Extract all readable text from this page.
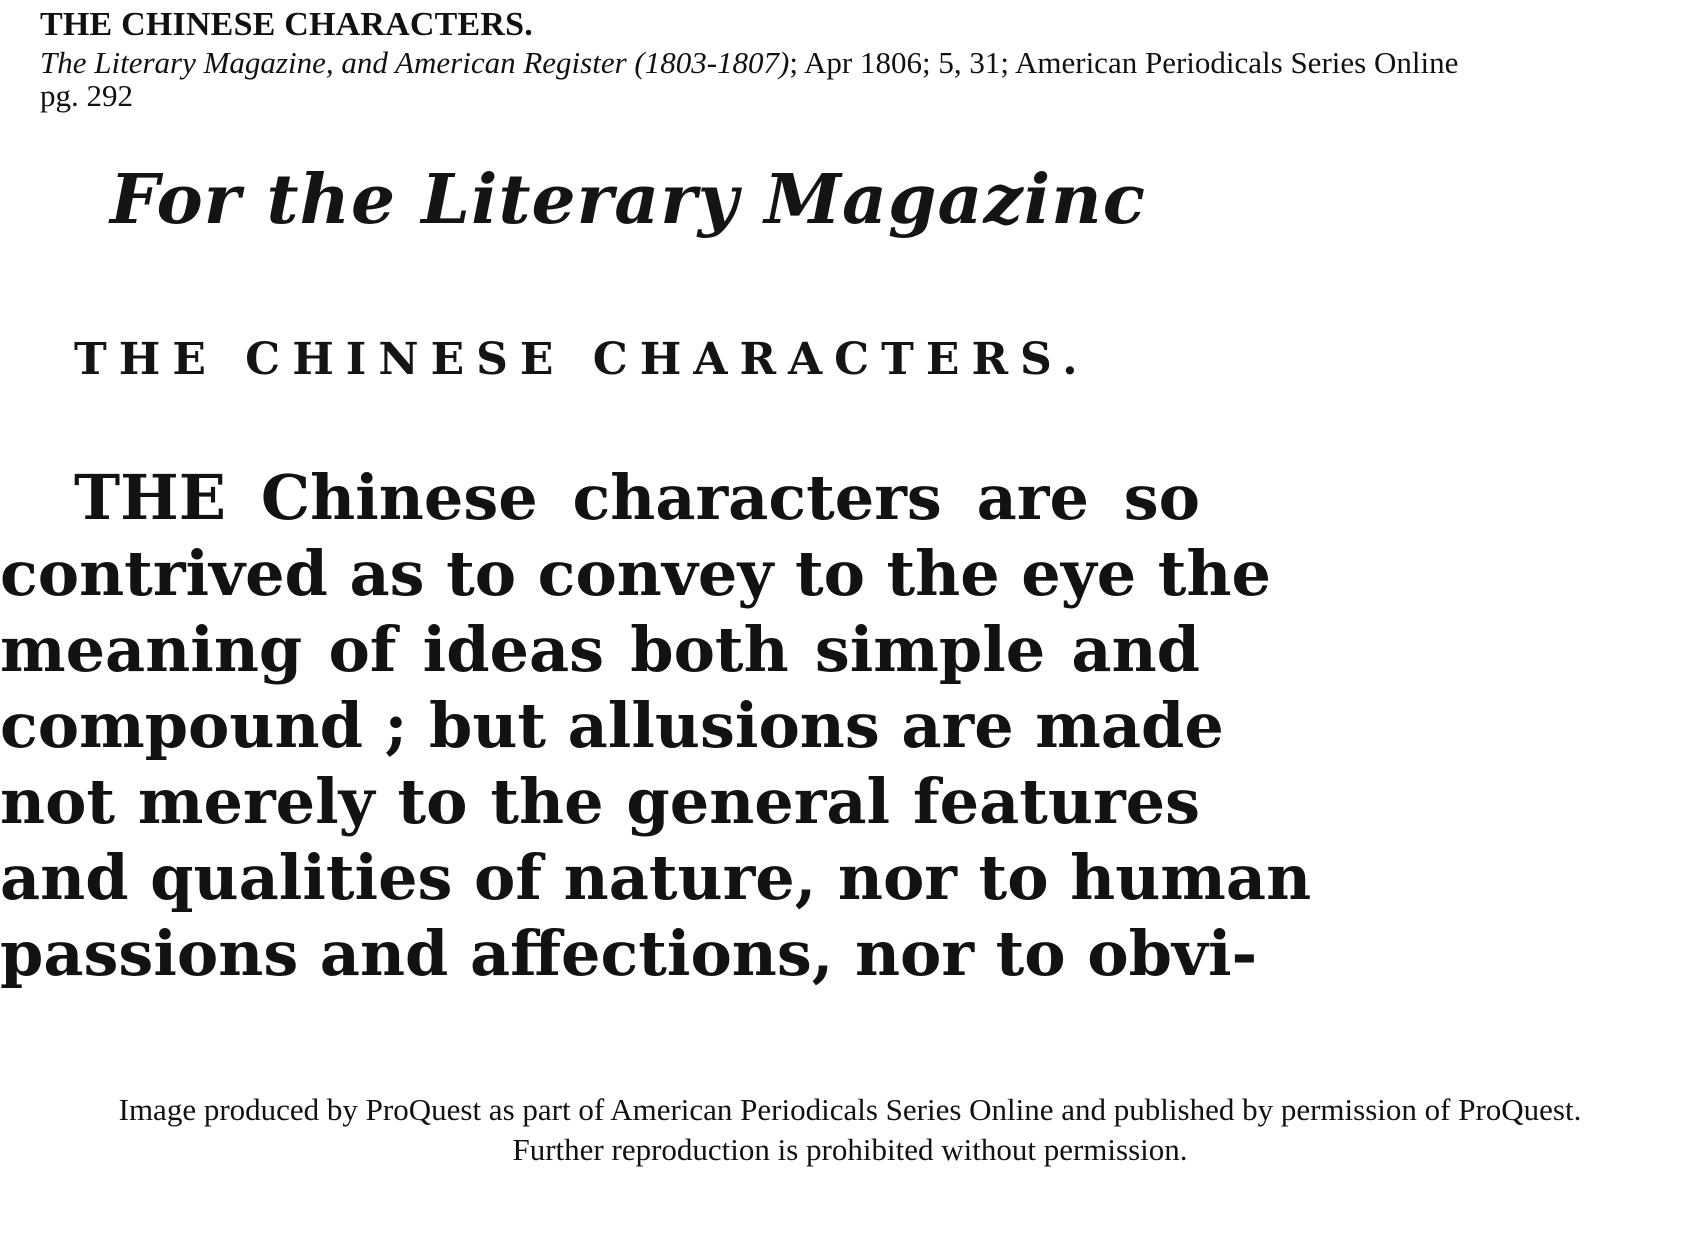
THE CHINESE CHARACTERS.

The Literary Magazine, and American Register (1803-1807); Apr 1806; 5, 31; American Periodicals Series Online

pg. 292

For the Literary Magazinc
THE CHINESE CHARACTERS.
THE Chinese characters are so
contrived as to convey to the eye the
meaning of ideas both simple and
compound ; but allusions are made
not merely to the general features
and qualities of nature, nor to human
passions and affections, nor to obvi-

Image produced by ProQuest as part of American Periodicals Series Online and published by permission of ProQuest.

Further reproduction is prohibited without permission.
